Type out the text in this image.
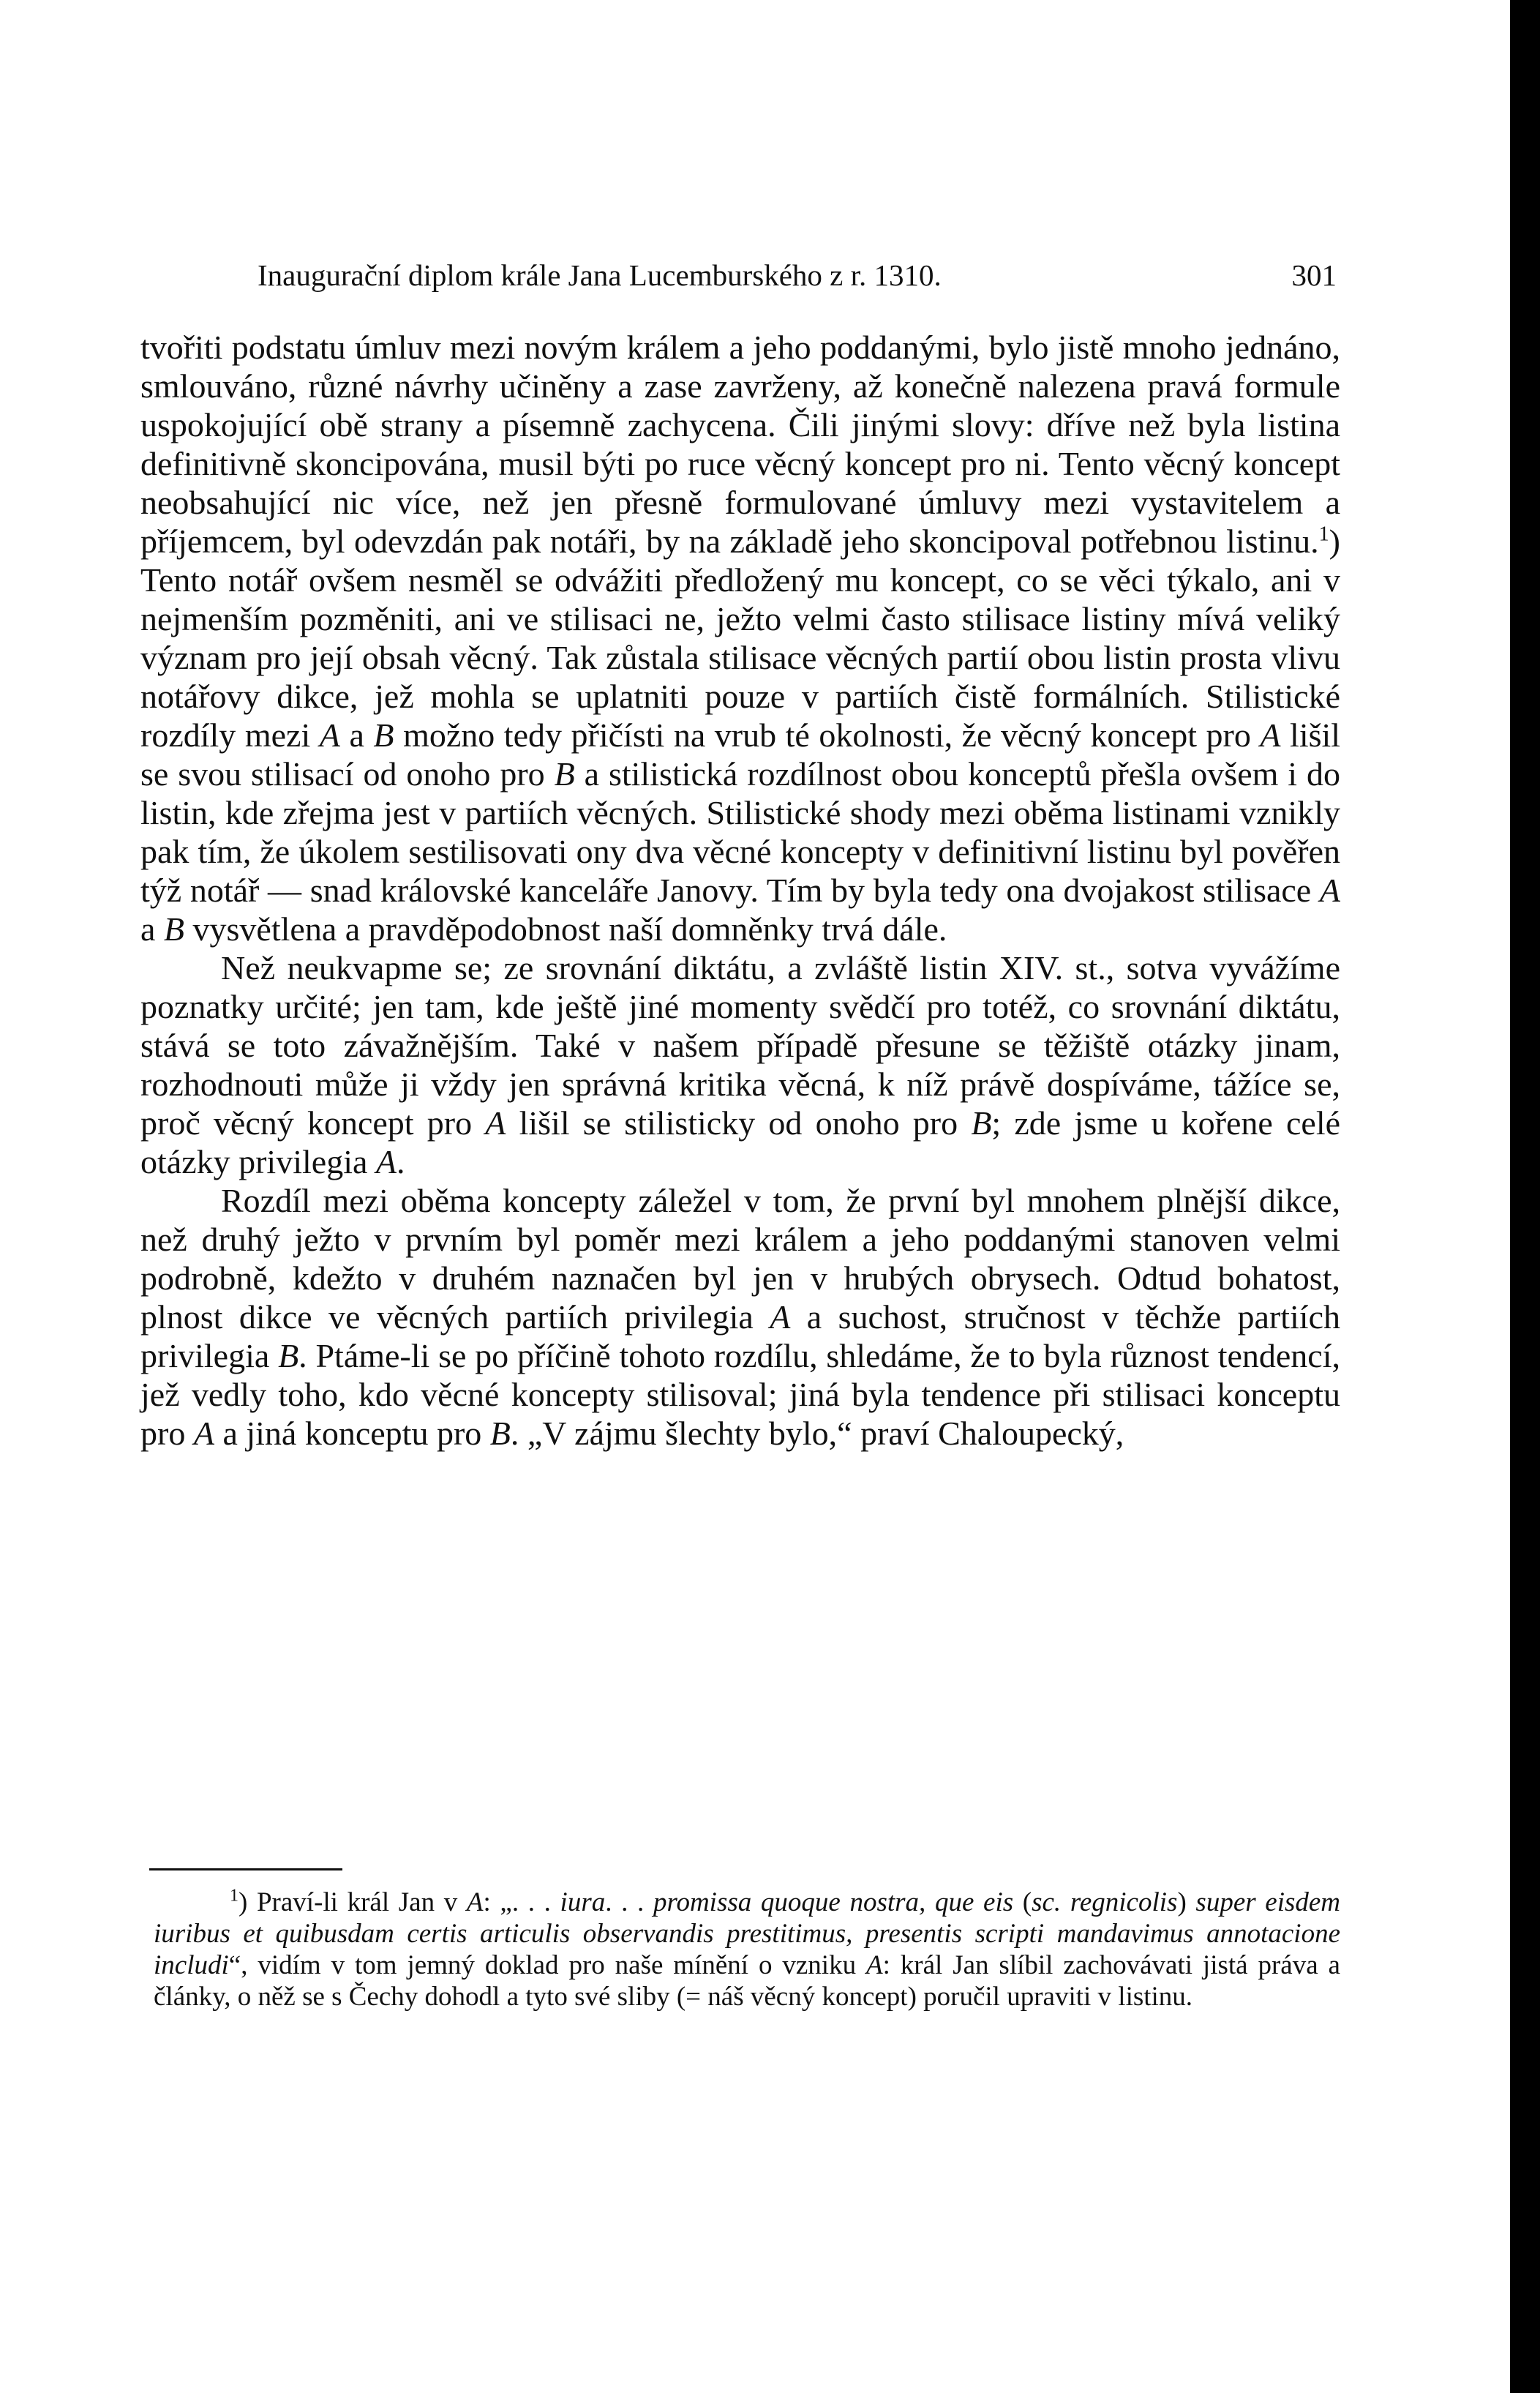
Inaugurační diplom krále Jana Lucemburského z r. 1310.	301

tvořiti podstatu úmluv mezi novým králem a jeho poddanými, bylo jistě mnoho jednáno, smlouváno, různé návrhy učiněny a zase zavrženy, až konečně nalezena pravá formule uspokojující obě strany a písemně zachycena. Čili jinými slovy: dříve než byla listina definitivně skoncipována, musil býti po ruce věcný koncept pro ni. Tento věcný koncept neobsahující nic více, než jen přesně formulované úmluvy mezi vystavitelem a příjemcem, byl odevzdán pak notáři, by na základě jeho skoncipoval potřebnou listinu.$^1$) Tento notář ovšem nesměl se odvážiti předložený mu koncept, co se věci týkalo, ani v nejmenším pozměniti, ani ve stilisaci ne, ježto velmi často stilisace listiny mívá veliký význam pro její obsah věcný. Tak zůstala stilisace věcných partií obou listin prosta vlivu notářovy dikce, jež mohla se uplatniti pouze v partiích čistě formálních. Stilistické rozdíly mezi A a B možno tedy přičísti na vrub té okolnosti, že věcný koncept pro A lišil se svou stilisací od onoho pro B a stilistická rozdílnost obou konceptů přešla ovšem i do listin, kde zřejma jest v partiích věcných. Stilistické shody mezi oběma listinami vznikly pak tím, že úkolem sestilisovati ony dva věcné koncepty v definitivní listinu byl pověřen týž notář — snad královské kanceláře Janovy. Tím by byla tedy ona dvojakost stilisace A a B vysvětlena a pravděpodobnost naší domněnky trvá dále.

Než neukvapme se; ze srovnání diktátu, a zvláště listin XIV. st., sotva vyvážíme poznatky určité; jen tam, kde ještě jiné momenty svědčí pro totéž, co srovnání diktátu, stává se toto závažnějším. Také v našem případě přesune se těžiště otázky jinam, rozhodnouti může ji vždy jen správná kritika věcná, k níž právě dospíváme, tážíce se, proč věcný koncept pro A lišil se stilisticky od onoho pro B; zde jsme u kořene celé otázky privilegia A.

Rozdíl mezi oběma koncepty záležel v tom, že první byl mnohem plnější dikce, než druhý ježto v prvním byl poměr mezi králem a jeho poddanými stanoven velmi podrobně, kdežto v druhém naznačen byl jen v hrubých obrysech. Odtud bohatost, plnost dikce ve věcných partiích privilegia A a suchost, stručnost v těchže partiích privilegia B. Ptáme-li se po příčině tohoto rozdílu, shledáme, že to byla různost tendencí, jež vedly toho, kdo věcné koncepty stilisoval; jiná byla tendence při stilisaci konceptu pro A a jiná konceptu pro B. „V zájmu šlechty bylo,“ praví Chaloupecký,

$^1$) Praví-li král Jan v A: „. . . iura. . . promissa quoque nostra, que eis (sc. regnicolis) super eisdem iuribus et quibusdam certis articulis observandis prestitimus, presentis scripti mandavimus annotacione includi“, vidím v tom jemný doklad pro naše mínění o vzniku A: král Jan slíbil zachovávati jistá práva a články, o něž se s Čechy dohodl a tyto své sliby (= náš věcný koncept) poručil upraviti v listinu.
